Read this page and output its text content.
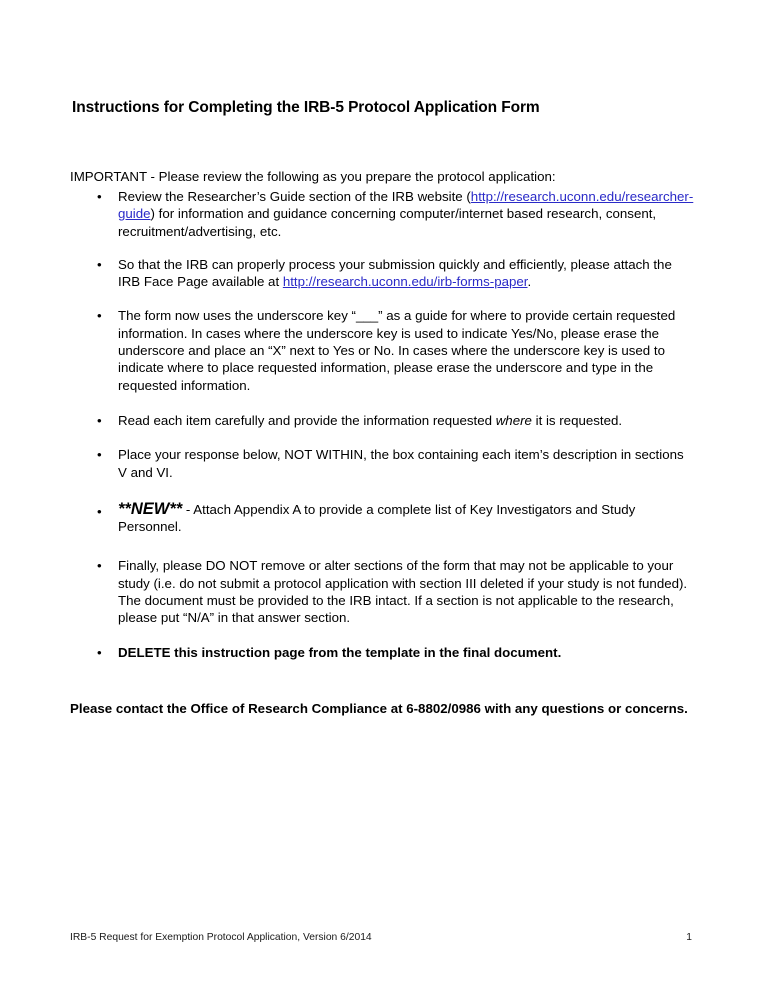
Instructions for Completing the IRB-5 Protocol Application Form

IMPORTANT - Please review the following as you prepare the protocol application:

• Review the Researcher’s Guide section of the IRB website (http://research.uconn.edu/researcher-guide) for information and guidance concerning computer/internet based research, consent, recruitment/advertising, etc.
• So that the IRB can properly process your submission quickly and efficiently, please attach the IRB Face Page available at http://research.uconn.edu/irb-forms-paper.
• The form now uses the underscore key “___” as a guide for where to provide certain requested information. In cases where the underscore key is used to indicate Yes/No, please erase the underscore and place an “X” next to Yes or No. In cases where the underscore key is used to indicate where to place requested information, please erase the underscore and type in the requested information.
• Read each item carefully and provide the information requested where it is requested.
• Place your response below, NOT WITHIN, the box containing each item’s description in sections V and VI.
• **NEW** - Attach Appendix A to provide a complete list of Key Investigators and Study Personnel.
• Finally, please DO NOT remove or alter sections of the form that may not be applicable to your study (i.e. do not submit a protocol application with section III deleted if your study is not funded). The document must be provided to the IRB intact. If a section is not applicable to the research, please put “N/A” in that answer section.
• DELETE this instruction page from the template in the final document.

Please contact the Office of Research Compliance at 6-8802/0986 with any questions or concerns.

IRB-5 Request for Exemption Protocol Application, Version 6/2014	1
